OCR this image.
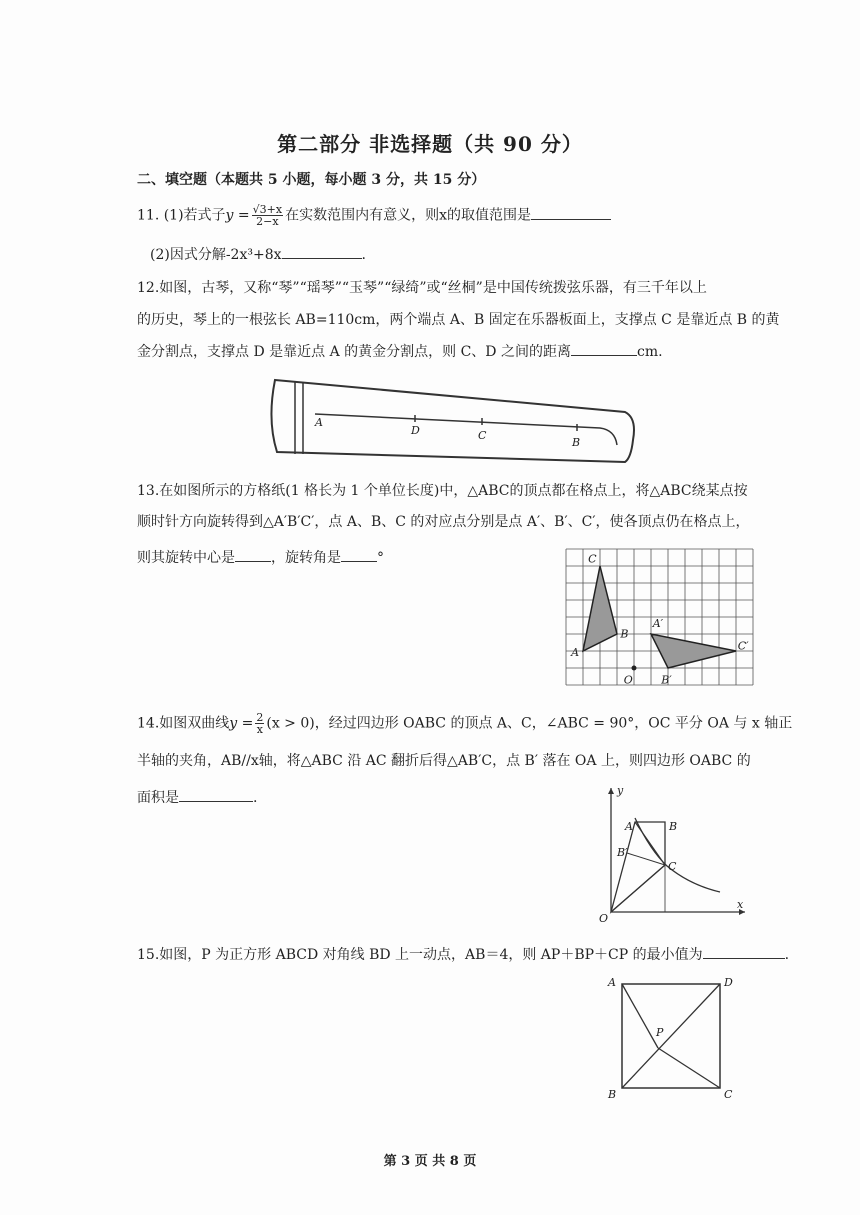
第二部分 非选择题（共 90 分）
二、填空题（本题共 5 小题，每小题 3 分，共 15 分）
11. (1)若式子$y = \frac{√3+x}{2-x}$ 在实数范围内有意义，则x的取值范围是
(2)因式分解-2x³+8x	.
12.如图，古琴，又称“琴”“瑶琴”“玉琴”“绿绮”或“丝桐”是中国传统拨弦乐器，有三千年以上
的历史，琴上的一根弦长 AB=110cm，两个端点 A、B 固定在乐器板面上，支撑点 C 是靠近点 B 的黄
金分割点，支撑点 D 是靠近点 A 的黄金分割点，则 C、D 之间的距离	cm.
A
D	C
B
13.在如图所示的方格纸(1 格长为 1 个单位长度)中，△ABC的顶点都在格点上，将△ABC绕某点按
顺时针方向旋转得到△A′B′C′，点 A、B、C 的对应点分别是点 A′、B′、C′，使各顶点仍在格点上，
则其旋转中心是	，旋转角是	°	C
A
B
O
A′
B′
C′
14.如图双曲线$y = \frac{2}{x} (x > 0)$，经过四边形 OABC 的顶点 A、C，∠ABC = 90°，OC 平分 OA 与 x 轴正
半轴的夹角，AB//x轴，将△ABC 沿 AC 翻折后得△AB′C，点 B′ 落在 OA 上，则四边形 OABC 的
面积是	.	y
A	B
B′
C
O
x
15.如图，P 为正方形 ABCD 对角线 BD 上一动点，AB＝4，则 AP＋BP＋CP 的最小值为	.
A	D
P
B	C
第 3 页 共 8 页
